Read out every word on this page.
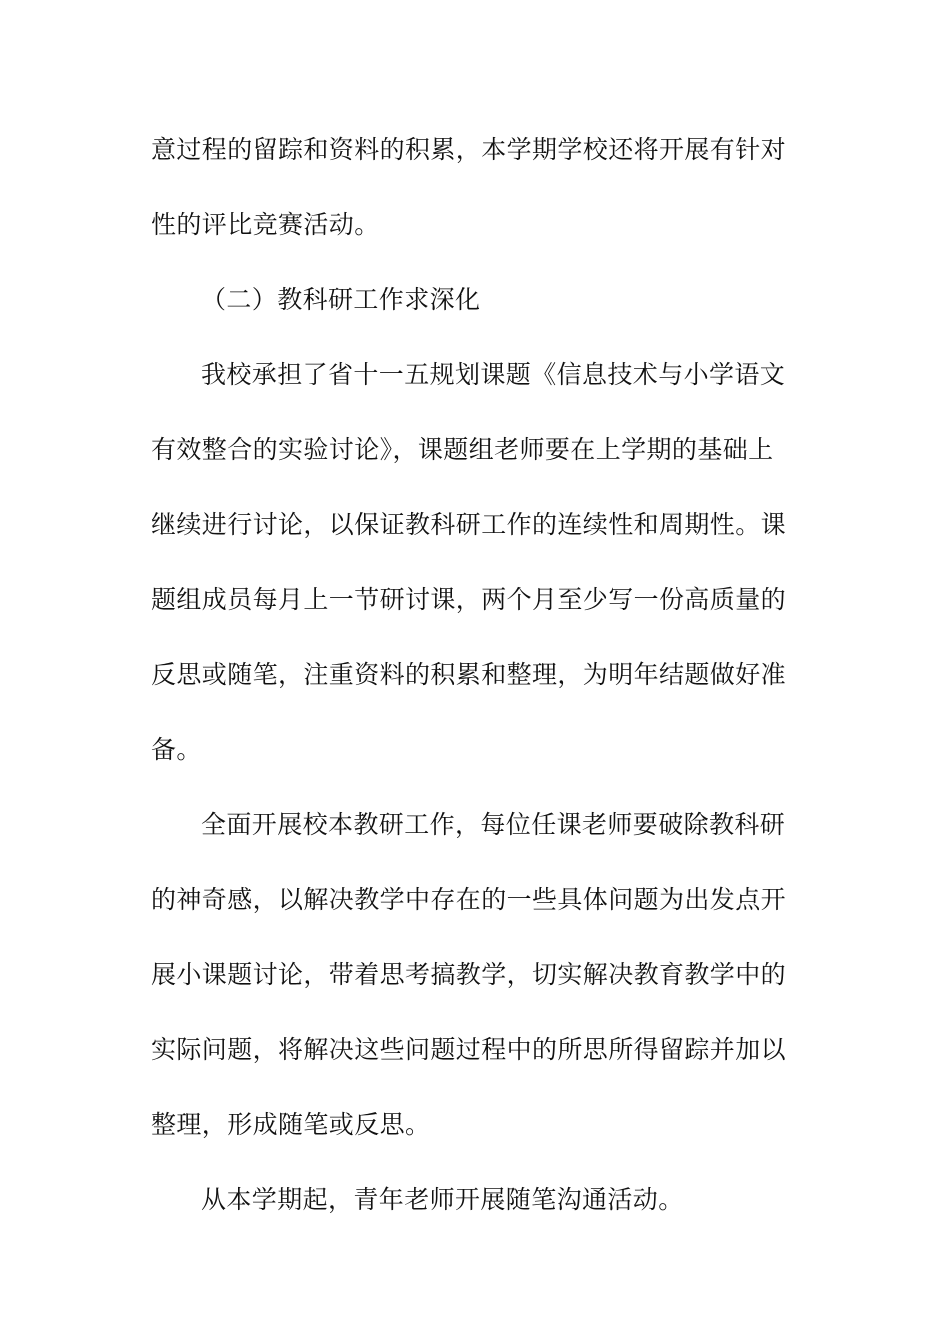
意过程的留踪和资料的积累，本学期学校还将开展有针对
性的评比竞赛活动。
（二）教科研工作求深化
我校承担了省十一五规划课题《信息技术与小学语文
有效整合的实验讨论》，课题组老师要在上学期的基础上
继续进行讨论，以保证教科研工作的连续性和周期性。课
题组成员每月上一节研讨课，两个月至少写一份高质量的
反思或随笔，注重资料的积累和整理，为明年结题做好准
备。
全面开展校本教研工作，每位任课老师要破除教科研
的神奇感，以解决教学中存在的一些具体问题为出发点开
展小课题讨论，带着思考搞教学，切实解决教育教学中的
实际问题，将解决这些问题过程中的所思所得留踪并加以
整理，形成随笔或反思。
从本学期起，青年老师开展随笔沟通活动。
